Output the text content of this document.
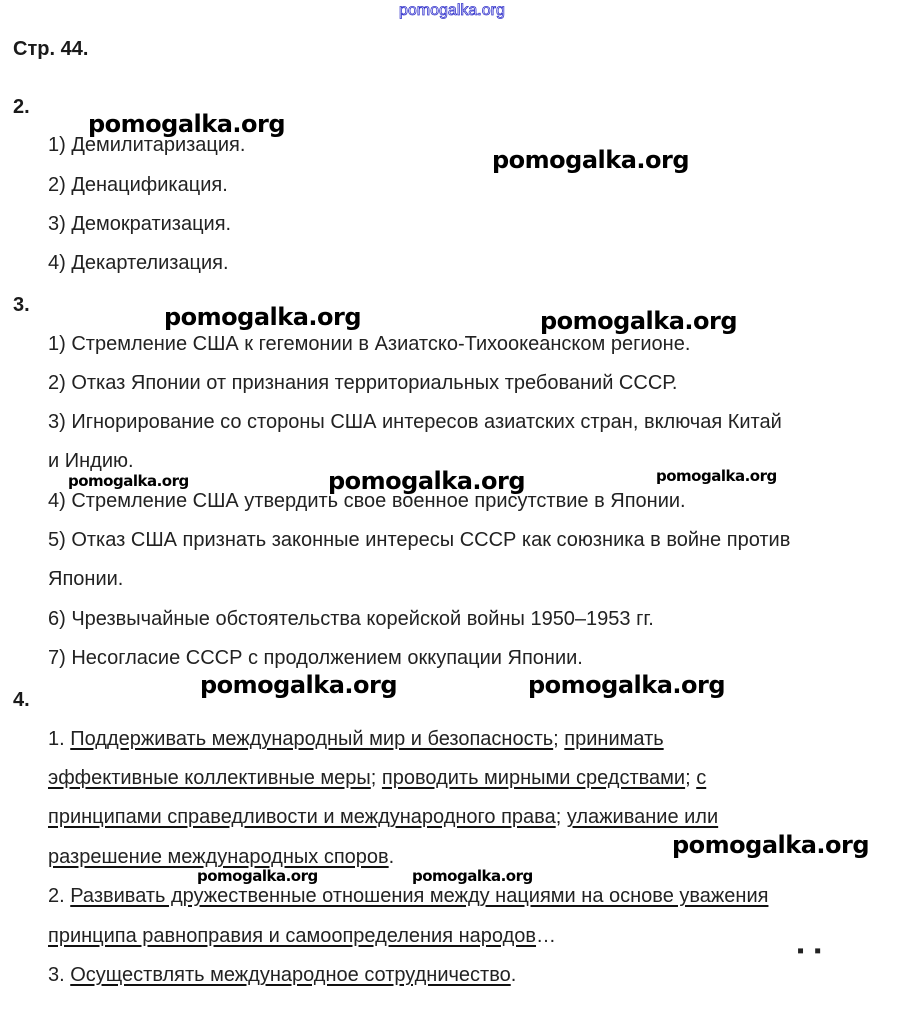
pomogalka.org
Стр. 44.
2.
1) Демилитаризация.
2) Денацификация.
3) Демократизация.
4) Декартелизация.
3.
1) Стремление США к гегемонии в Азиатско-Тихоокеанском регионе.
2) Отказ Японии от признания территориальных требований СССР.
3) Игнорирование со стороны США интересов азиатских стран, включая Китай
и Индию.
4) Стремление США утвердить свое военное присутствие в Японии.
5) Отказ США признать законные интересы СССР как союзника в войне против
Японии.
6) Чрезвычайные обстоятельства корейской войны 1950–1953 гг.
7) Несогласие СССР с продолжением оккупации Японии.
4.
1. Поддерживать международный мир и безопасность; принимать
эффективные коллективные меры; проводить мирными средствами; с
принципами справедливости и международного права; улаживание или
разрешение международных споров.
2. Развивать дружественные отношения между нациями на основе уважения
принципа равноправия и самоопределения народов…
3. Осуществлять международное сотрудничество.
▪▪
pomogalka.org
pomogalka.org
pomogalka.org	pomogalka.org
pomogalka.org	pomogalka.org	pomogalka.org
pomogalka.org	pomogalka.org
pomogalka.org
pomogalka.org	pomogalka.org
